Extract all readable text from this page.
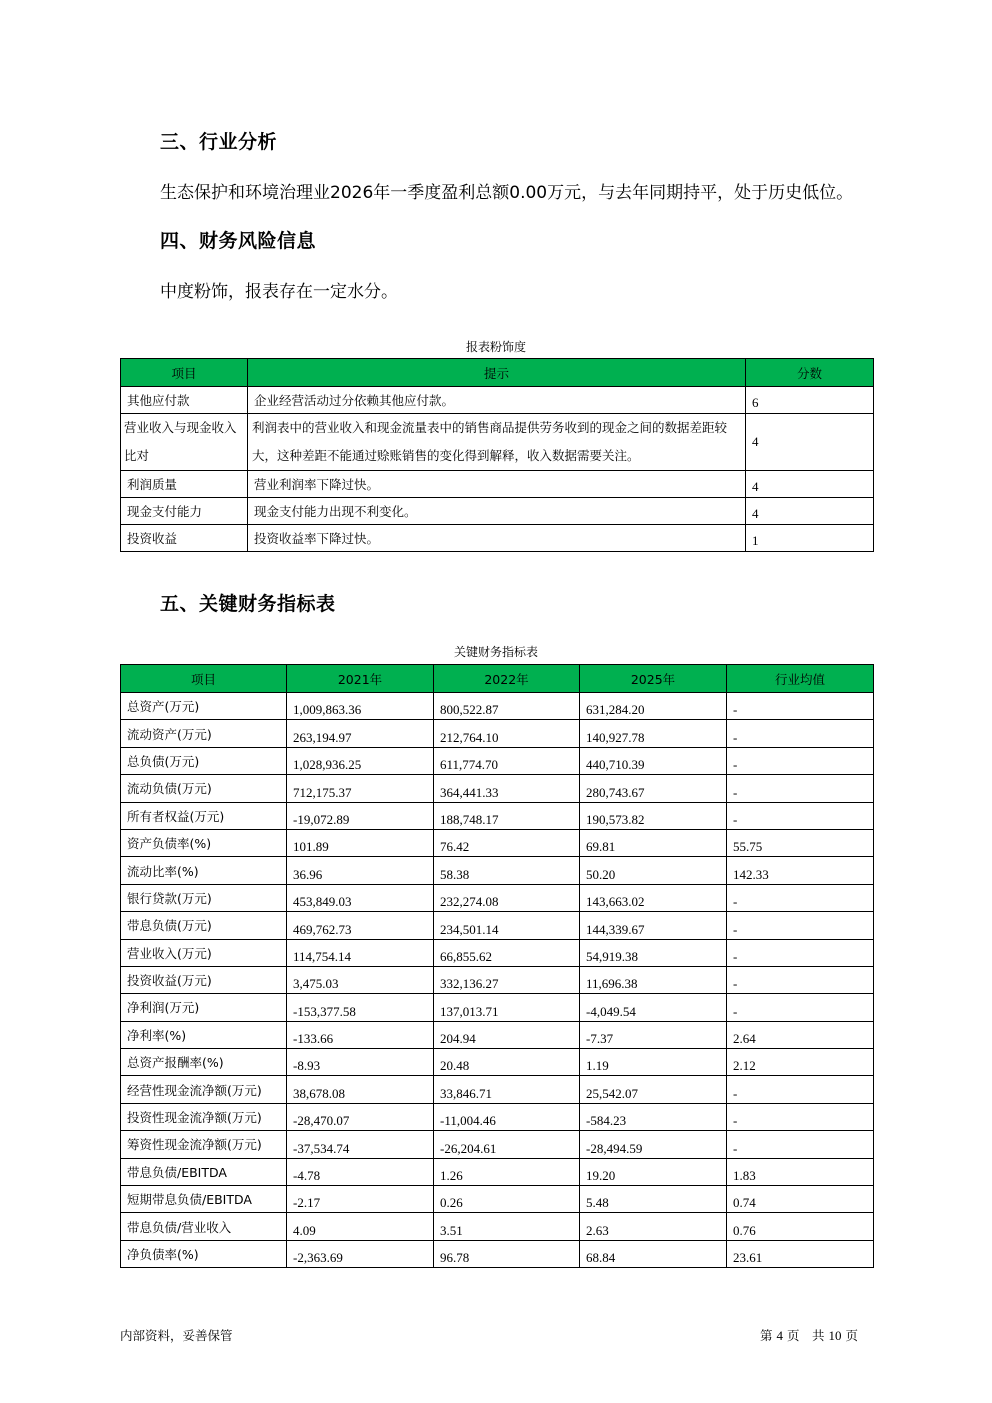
三、行业分析
生态保护和环境治理业2026年一季度盈利总额0.00万元，与去年同期持平，处于历史低位。
四、财务风险信息
中度粉饰，报表存在一定水分。
报表粉饰度
项目	提示	分数
其他应付款	企业经营活动过分依赖其他应付款。	6
营业收入与现金收入比对	利润表中的营业收入和现金流量表中的销售商品提供劳务收到的现金之间的数据差距较大，这种差距不能通过赊账销售的变化得到解释，收入数据需要关注。	4
利润质量	营业利润率下降过快。	4
现金支付能力	现金支付能力出现不利变化。	4
投资收益	投资收益率下降过快。	1
五、关键财务指标表
关键财务指标表
项目	2021年	2022年	2025年	行业均值
总资产(万元)	1,009,863.36	800,522.87	631,284.20	-
流动资产(万元)	263,194.97	212,764.10	140,927.78	-
总负债(万元)	1,028,936.25	611,774.70	440,710.39	-
流动负债(万元)	712,175.37	364,441.33	280,743.67	-
所有者权益(万元)	-19,072.89	188,748.17	190,573.82	-
资产负债率(%)	101.89	76.42	69.81	55.75
流动比率(%)	36.96	58.38	50.20	142.33
银行贷款(万元)	453,849.03	232,274.08	143,663.02	-
带息负债(万元)	469,762.73	234,501.14	144,339.67	-
营业收入(万元)	114,754.14	66,855.62	54,919.38	-
投资收益(万元)	3,475.03	332,136.27	11,696.38	-
净利润(万元)	-153,377.58	137,013.71	-4,049.54	-
净利率(%)	-133.66	204.94	-7.37	2.64
总资产报酬率(%)	-8.93	20.48	1.19	2.12
经营性现金流净额(万元)	38,678.08	33,846.71	25,542.07	-
投资性现金流净额(万元)	-28,470.07	-11,004.46	-584.23	-
筹资性现金流净额(万元)	-37,534.74	-26,204.61	-28,494.59	-
带息负债/EBITDA	-4.78	1.26	19.20	1.83
短期带息负债/EBITDA	-2.17	0.26	5.48	0.74
带息负债/营业收入	4.09	3.51	2.63	0.76
净负债率(%)	-2,363.69	96.78	68.84	23.61
内部资料，妥善保管	第 4 页　共 10 页
